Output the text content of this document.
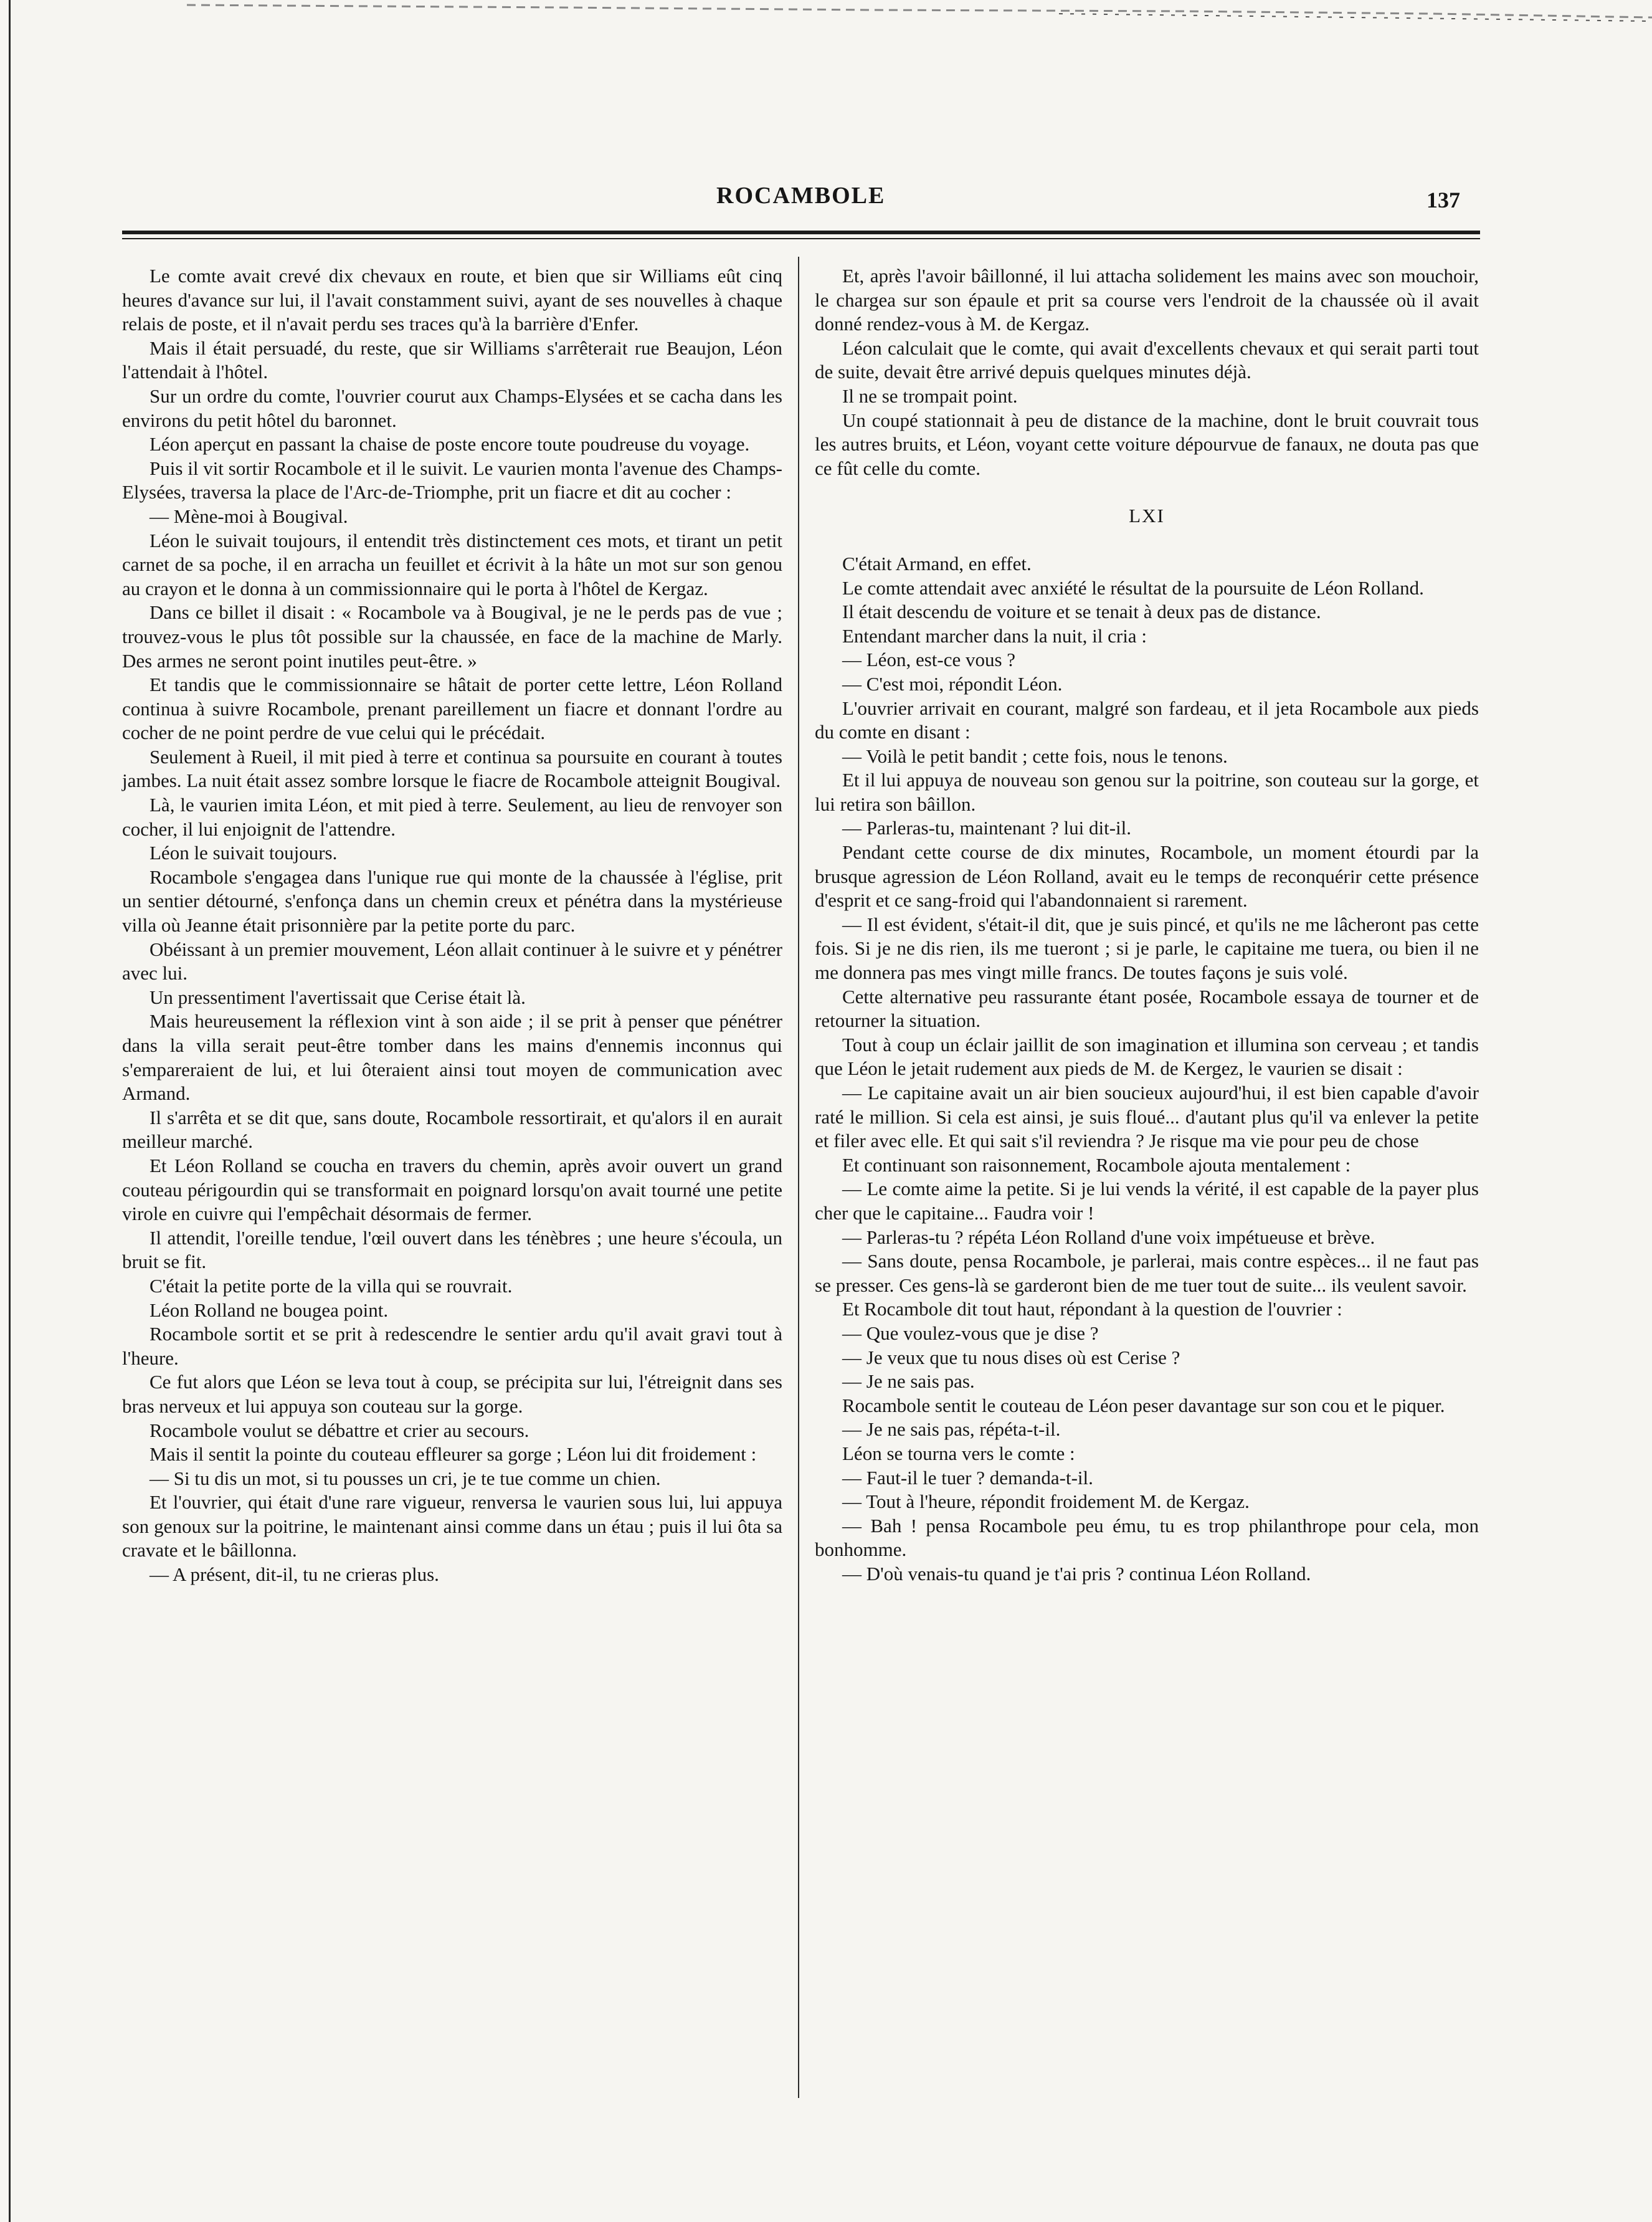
ROCAMBOLE	137

Le comte avait crevé dix chevaux en route, et bien que sir Williams eût cinq heures d'avance sur lui, il l'avait constamment suivi, ayant de ses nouvelles à chaque relais de poste, et il n'avait perdu ses traces qu'à la barrière d'Enfer.

Mais il était persuadé, du reste, que sir Williams s'arrêterait rue Beaujon, Léon l'attendait à l'hôtel.

Sur un ordre du comte, l'ouvrier courut aux Champs-Elysées et se cacha dans les environs du petit hôtel du baronnet.

Léon aperçut en passant la chaise de poste encore toute poudreuse du voyage.

Puis il vit sortir Rocambole et il le suivit. Le vaurien monta l'avenue des Champs-Elysées, traversa la place de l'Arc-de-Triomphe, prit un fiacre et dit au cocher :

— Mène-moi à Bougival.

Léon le suivait toujours, il entendit très distinctement ces mots, et tirant un petit carnet de sa poche, il en arracha un feuillet et écrivit à la hâte un mot sur son genou au crayon et le donna à un commissionnaire qui le porta à l'hôtel de Kergaz.

Dans ce billet il disait : « Rocambole va à Bougival, je ne le perds pas de vue ; trouvez-vous le plus tôt possible sur la chaussée, en face de la machine de Marly. Des armes ne seront point inutiles peut-être. »

Et tandis que le commissionnaire se hâtait de porter cette lettre, Léon Rolland continua à suivre Rocambole, prenant pareillement un fiacre et donnant l'ordre au cocher de ne point perdre de vue celui qui le précédait.

Seulement à Rueil, il mit pied à terre et continua sa poursuite en courant à toutes jambes. La nuit était assez sombre lorsque le fiacre de Rocambole atteignit Bougival.

Là, le vaurien imita Léon, et mit pied à terre. Seulement, au lieu de renvoyer son cocher, il lui enjoignit de l'attendre.

Léon le suivait toujours.

Rocambole s'engagea dans l'unique rue qui monte de la chaussée à l'église, prit un sentier détourné, s'enfonça dans un chemin creux et pénétra dans la mystérieuse villa où Jeanne était prisonnière par la petite porte du parc.

Obéissant à un premier mouvement, Léon allait continuer à le suivre et y pénétrer avec lui.

Un pressentiment l'avertissait que Cerise était là.

Mais heureusement la réflexion vint à son aide ; il se prit à penser que pénétrer dans la villa serait peut-être tomber dans les mains d'ennemis inconnus qui s'empareraient de lui, et lui ôteraient ainsi tout moyen de communication avec Armand.

Il s'arrêta et se dit que, sans doute, Rocambole ressortirait, et qu'alors il en aurait meilleur marché.

Et Léon Rolland se coucha en travers du chemin, après avoir ouvert un grand couteau périgourdin qui se transformait en poignard lorsqu'on avait tourné une petite virole en cuivre qui l'empêchait désormais de fermer.

Il attendit, l'oreille tendue, l'œil ouvert dans les ténèbres ; une heure s'écoula, un bruit se fit.

C'était la petite porte de la villa qui se rouvrait.

Léon Rolland ne bougea point.

Rocambole sortit et se prit à redescendre le sentier ardu qu'il avait gravi tout à l'heure.

Ce fut alors que Léon se leva tout à coup, se précipita sur lui, l'étreignit dans ses bras nerveux et lui appuya son couteau sur la gorge.

Rocambole voulut se débattre et crier au secours.

Mais il sentit la pointe du couteau effleurer sa gorge ; Léon lui dit froidement :

— Si tu dis un mot, si tu pousses un cri, je te tue comme un chien.

Et l'ouvrier, qui était d'une rare vigueur, renversa le vaurien sous lui, lui appuya son genoux sur la poitrine, le maintenant ainsi comme dans un étau ; puis il lui ôta sa cravate et le bâillonna.

— A présent, dit-il, tu ne crieras plus.

Et, après l'avoir bâillonné, il lui attacha solidement les mains avec son mouchoir, le chargea sur son épaule et prit sa course vers l'endroit de la chaussée où il avait donné rendez-vous à M. de Kergaz.

Léon calculait que le comte, qui avait d'excellents chevaux et qui serait parti tout de suite, devait être arrivé depuis quelques minutes déjà.

Il ne se trompait point.

Un coupé stationnait à peu de distance de la machine, dont le bruit couvrait tous les autres bruits, et Léon, voyant cette voiture dépourvue de fanaux, ne douta pas que ce fût celle du comte.

LXI

C'était Armand, en effet.

Le comte attendait avec anxiété le résultat de la poursuite de Léon Rolland.

Il était descendu de voiture et se tenait à deux pas de distance.

Entendant marcher dans la nuit, il cria :

— Léon, est-ce vous ?

— C'est moi, répondit Léon.

L'ouvrier arrivait en courant, malgré son fardeau, et il jeta Rocambole aux pieds du comte en disant :

— Voilà le petit bandit ; cette fois, nous le tenons.

Et il lui appuya de nouveau son genou sur la poitrine, son couteau sur la gorge, et lui retira son bâillon.

— Parleras-tu, maintenant ? lui dit-il.

Pendant cette course de dix minutes, Rocambole, un moment étourdi par la brusque agression de Léon Rolland, avait eu le temps de reconquérir cette présence d'esprit et ce sang-froid qui l'abandonnaient si rarement.

— Il est évident, s'était-il dit, que je suis pincé, et qu'ils ne me lâcheront pas cette fois. Si je ne dis rien, ils me tueront ; si je parle, le capitaine me tuera, ou bien il ne me donnera pas mes vingt mille francs. De toutes façons je suis volé.

Cette alternative peu rassurante étant posée, Rocambole essaya de tourner et de retourner la situation.

Tout à coup un éclair jaillit de son imagination et illumina son cerveau ; et tandis que Léon le jetait rudement aux pieds de M. de Kergez, le vaurien se disait :

— Le capitaine avait un air bien soucieux aujourd'hui, il est bien capable d'avoir raté le million. Si cela est ainsi, je suis floué... d'autant plus qu'il va enlever la petite et filer avec elle. Et qui sait s'il reviendra ? Je risque ma vie pour peu de chose

Et continuant son raisonnement, Rocambole ajouta mentalement :

— Le comte aime la petite. Si je lui vends la vérité, il est capable de la payer plus cher que le capitaine... Faudra voir !

— Parleras-tu ? répéta Léon Rolland d'une voix impétueuse et brève.

— Sans doute, pensa Rocambole, je parlerai, mais contre espèces... il ne faut pas se presser. Ces gens-là se garderont bien de me tuer tout de suite... ils veulent savoir.

Et Rocambole dit tout haut, répondant à la question de l'ouvrier :

— Que voulez-vous que je dise ?

— Je veux que tu nous dises où est Cerise ?

— Je ne sais pas.

Rocambole sentit le couteau de Léon peser davantage sur son cou et le piquer.

— Je ne sais pas, répéta-t-il.

Léon se tourna vers le comte :

— Faut-il le tuer ? demanda-t-il.

— Tout à l'heure, répondit froidement M. de Kergaz.

— Bah ! pensa Rocambole peu ému, tu es trop philanthrope pour cela, mon bonhomme.

— D'où venais-tu quand je t'ai pris ? continua Léon Rolland.
